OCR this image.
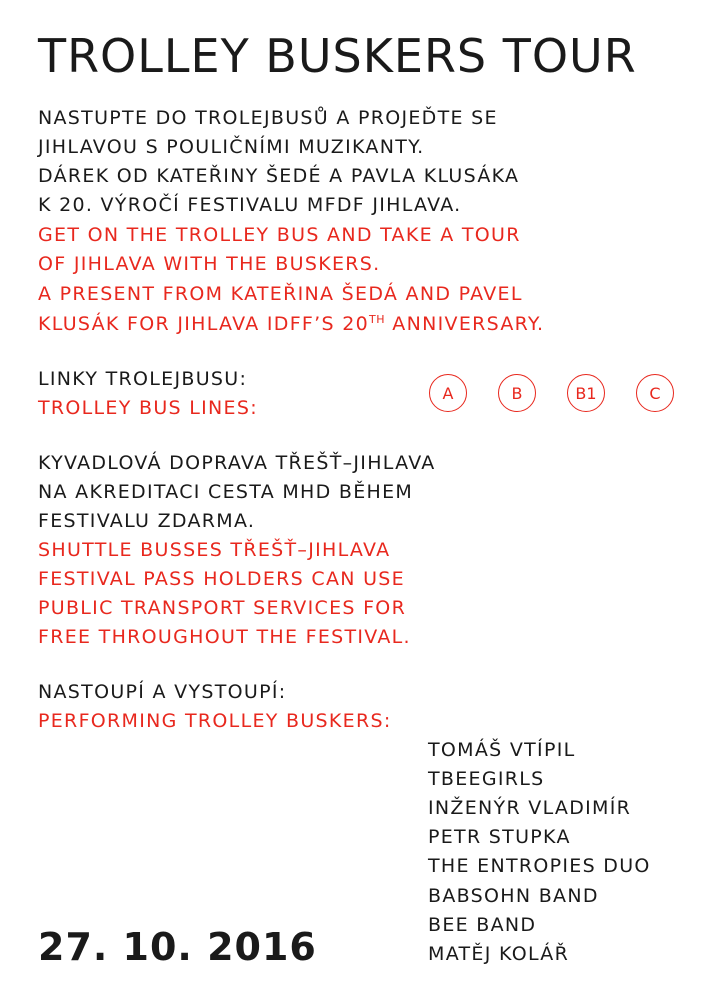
TROLLEY BUSKERS TOUR
NASTUPTE DO TROLEJBUSŮ A PROJEĎTE SE
JIHLAVOU S POULIČNÍMI MUZIKANTY.
DÁREK OD KATEŘINY ŠEDÉ A PAVLA KLUSÁKA
K 20. VÝROČÍ FESTIVALU MFDF JIHLAVA.
GET ON THE TROLLEY BUS AND TAKE A TOUR
OF JIHLAVA WITH THE BUSKERS.
A PRESENT FROM KATEŘINA ŠEDÁ AND PAVEL
KLUSÁK FOR JIHLAVA IDFF’S 20TH ANNIVERSARY.
LINKY TROLEJBUSU:
TROLLEY BUS LINES:
A	B	B1	C
KYVADLOVÁ DOPRAVA TŘEŠŤ–JIHLAVA
NA AKREDITACI CESTA MHD BĚHEM
FESTIVALU ZDARMA.
SHUTTLE BUSSES TŘEŠŤ–JIHLAVA
FESTIVAL PASS HOLDERS CAN USE
PUBLIC TRANSPORT SERVICES FOR
FREE THROUGHOUT THE FESTIVAL.
NASTOUPÍ A VYSTOUPÍ:
PERFORMING TROLLEY BUSKERS:
TOMÁŠ VTÍPIL
TBEEGIRLS
INŽENÝR VLADIMÍR
PETR STUPKA
THE ENTROPIES DUO
BABSOHN BAND
BEE BAND
MATĚJ KOLÁŘ
27. 10. 2016
